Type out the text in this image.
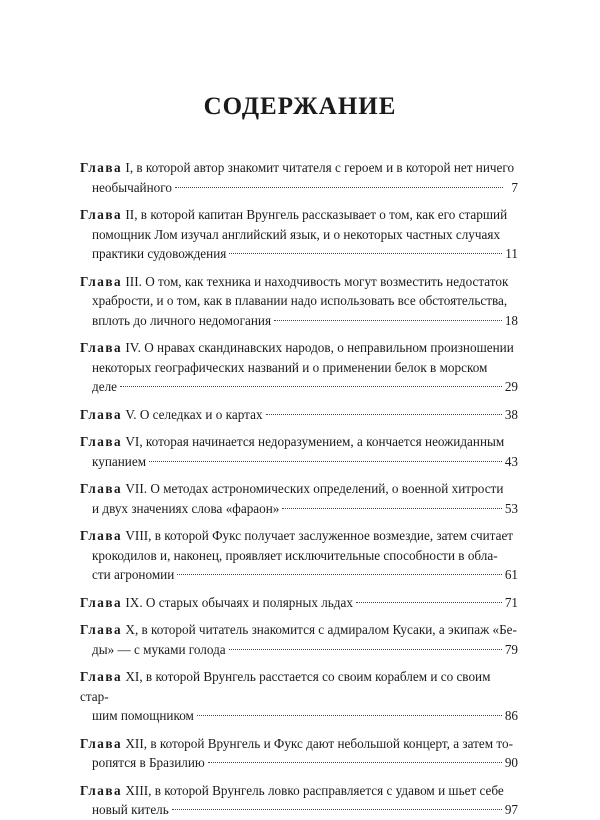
СОДЕРЖАНИЕ
Глава I, в которой автор знакомит читателя с героем и в которой нет ничего
необычайного	7
Глава II, в которой капитан Врунгель рассказывает о том, как его старший
помощник Лом изучал английский язык, и о некоторых частных случаях
практики судовождения	11
Глава III. О том, как техника и находчивость могут возместить недостаток
храбрости, и о том, как в плавании надо использовать все обстоятельства,
вплоть до личного недомогания	18
Глава IV. О нравах скандинавских народов, о неправильном произношении
некоторых географических названий и о применении белок в морском
деле	29
Глава V. О селедках и о картах	38
Глава VI, которая начинается недоразумением, а кончается неожиданным
купанием	43
Глава VII. О методах астрономических определений, о военной хитрости
и двух значениях слова «фараон»	53
Глава VIII, в которой Фукс получает заслуженное возмездие, затем считает
крокодилов и, наконец, проявляет исключительные способности в обла-
сти агрономии	61
Глава IX. О старых обычаях и полярных льдах	71
Глава X, в которой читатель знакомится с адмиралом Кусаки, а экипаж «Бе-
ды» — с муками голода	79
Глава XI, в которой Врунгель расстается со своим кораблем и со своим стар-
шим помощником	86
Глава XII, в которой Врунгель и Фукс дают небольшой концерт, а затем то-
ропятся в Бразилию	90
Глава XIII, в которой Врунгель ловко расправляется с удавом и шьет себе
новый китель	97
